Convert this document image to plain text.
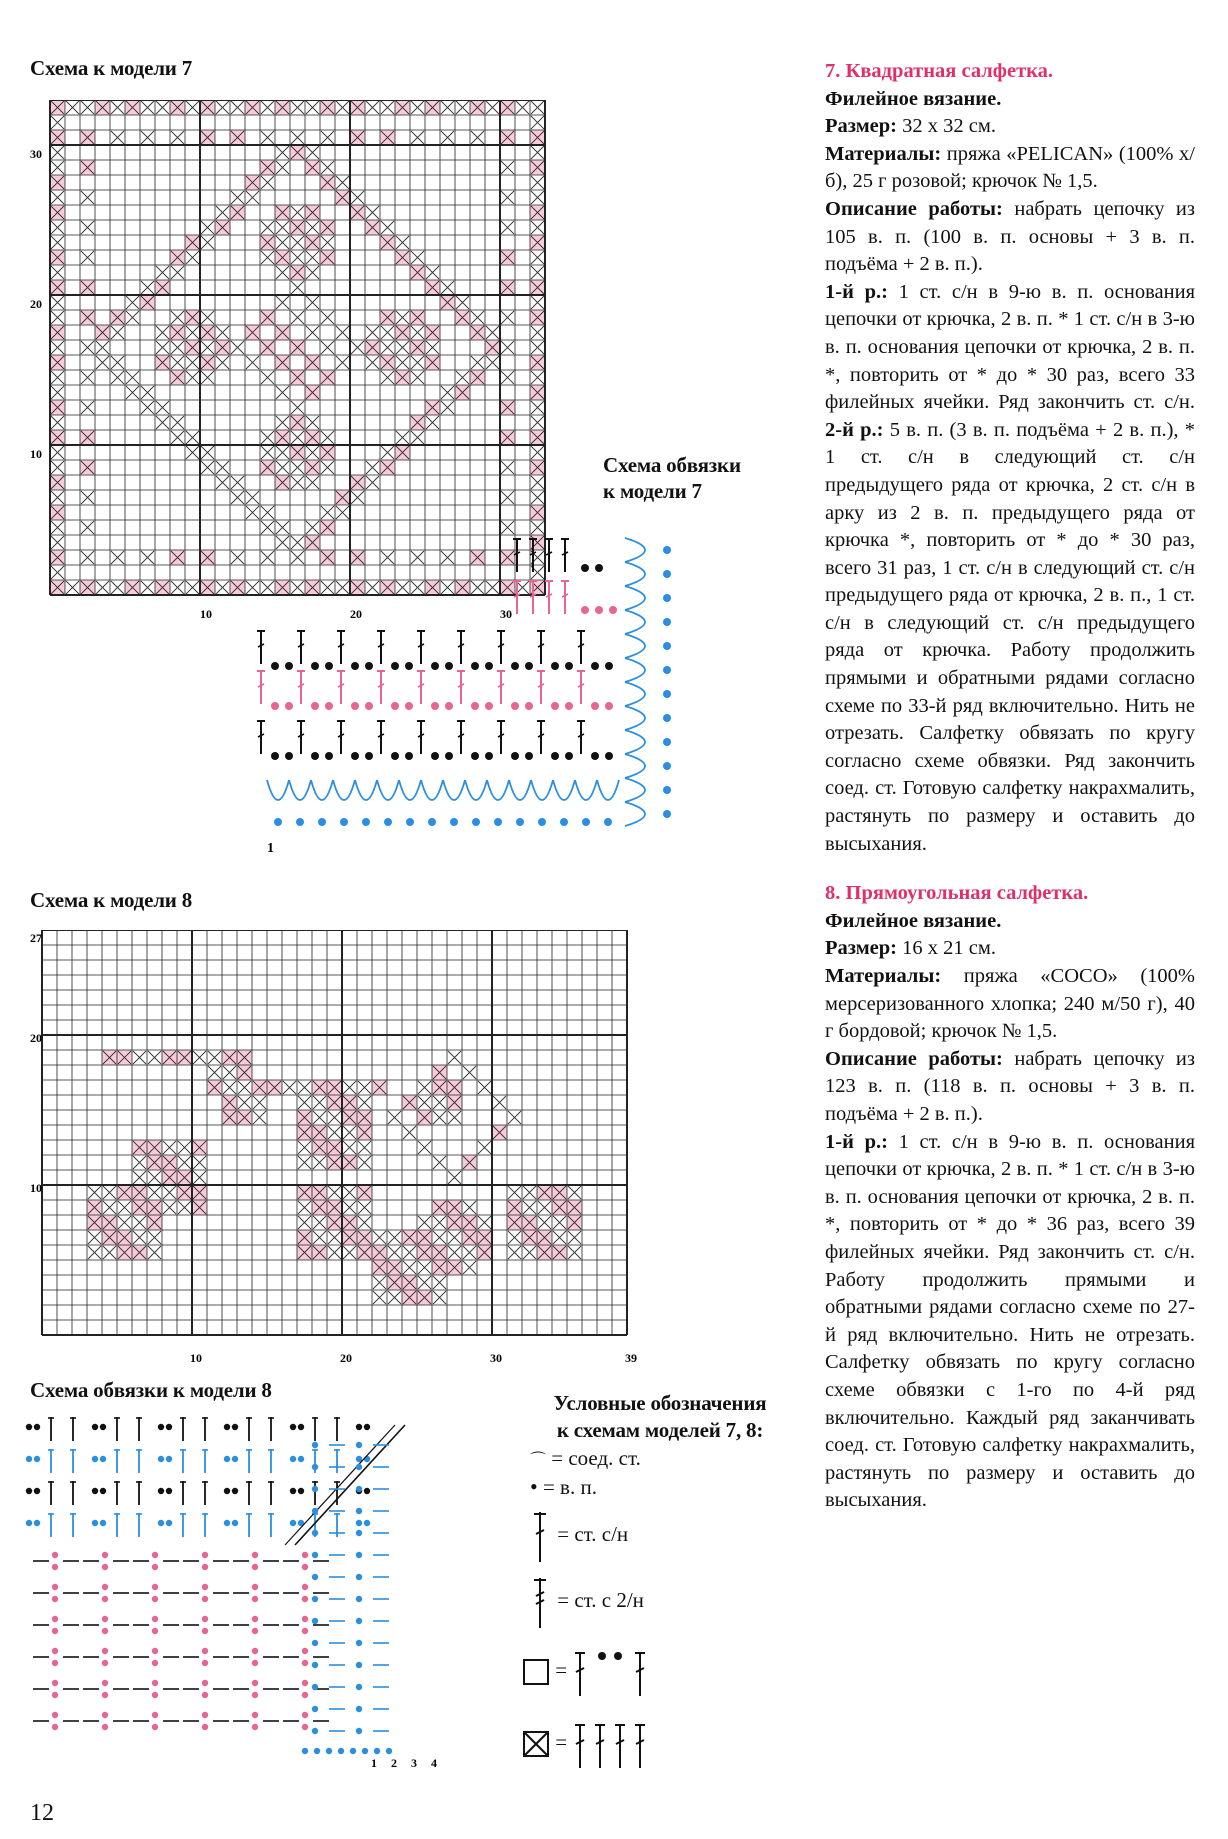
Схема к модели 7
30
20
10
10	20	30
Схема обвязки
к модели 7
1
Схема к модели 8
27
20
10
10	20	30	39
Схема обвязки к модели 8
1 2 3 4
Условные обозначения
к схемам моделей 7, 8:
⌒ = соед. ст.
• = в. п.
= ст. с/н
= ст. с 2/н
=
=

7. Квадратная салфетка.

Филейное вязание.

Размер: 32 х 32 см.

Материалы: пряжа «PELICAN» (100% х/б), 25 г розовой; крючок № 1,5.

Описание работы: набрать цепочку из 105 в. п. (100 в. п. основы + 3 в. п. подъёма + 2 в. п.).

1-й р.: 1 ст. с/н в 9-ю в. п. основания цепочки от крючка, 2 в. п. * 1 ст. с/н в 3-ю в. п. основания цепочки от крючка, 2 в. п. *, повторить от * до * 30 раз, всего 33 филейных ячейки. Ряд закончить ст. с/н. 2-й р.: 5 в. п. (3 в. п. подъёма + 2 в. п.), * 1 ст. с/н в следующий ст. с/н предыдущего ряда от крючка, 2 ст. с/н в арку из 2 в. п. предыдущего ряда от крючка *, повторить от * до * 30 раз, всего 31 раз, 1 ст. с/н в следующий ст. с/н предыдущего ряда от крючка, 2 в. п., 1 ст. с/н в следующий ст. с/н предыдущего ряда от крючка. Работу продолжить прямыми и обратными рядами согласно схеме по 33-й ряд включительно. Нить не отрезать. Салфетку обвязать по кругу согласно схеме обвязки. Ряд закончить соед. ст. Готовую салфетку накрахмалить, растянуть по размеру и оставить до высыхания.

8. Прямоугольная салфетка.

Филейное вязание.

Размер: 16 х 21 см.

Материалы: пряжа «COCO» (100% мерсеризованного хлопка; 240 м/50 г), 40 г бордовой; крючок № 1,5.

Описание работы: набрать цепочку из 123 в. п. (118 в. п. основы + 3 в. п. подъёма + 2 в. п.).

1-й р.: 1 ст. с/н в 9-ю в. п. основания цепочки от крючка, 2 в. п. * 1 ст. с/н в 3-ю в. п. основания цепочки от крючка, 2 в. п. *, повторить от * до * 36 раз, всего 39 филейных ячейки. Ряд закончить ст. с/н. Работу продолжить прямыми и обратными рядами согласно схеме по 27-й ряд включительно. Нить не отрезать. Салфетку обвязать по кругу согласно схеме обвязки с 1-го по 4-й ряд включительно. Каждый ряд заканчивать соед. ст. Готовую салфетку накрахмалить, растянуть по размеру и оставить до высыхания.

12
